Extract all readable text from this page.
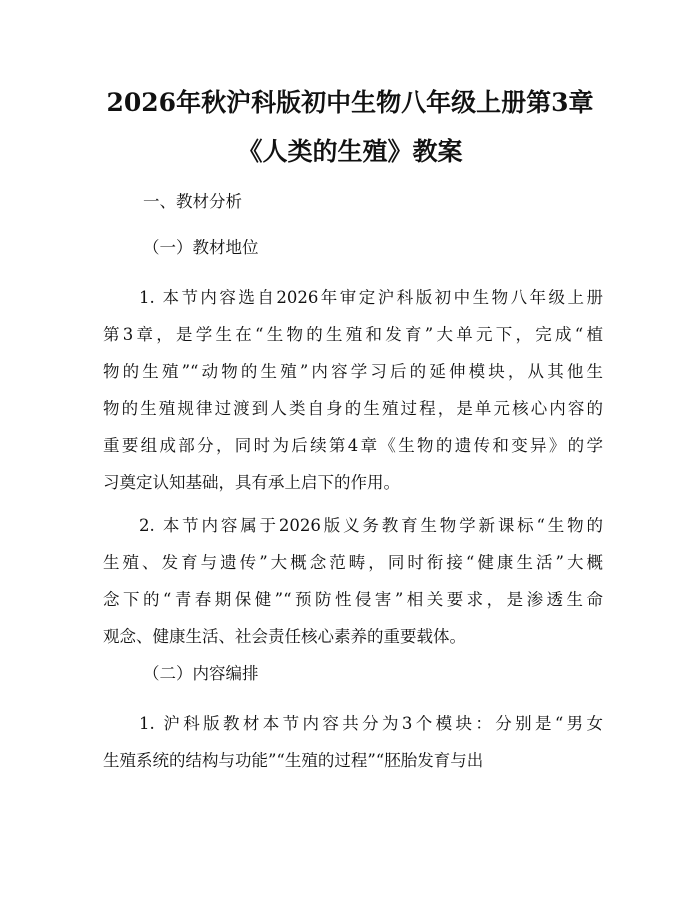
2026年秋沪科版初中生物八年级上册第3章
《人类的生殖》教案

一、教材分析

（一）教材地位

1. 本节内容选自2026年审定沪科版初中生物八年级上册

第3章，是学生在“生物的生殖和发育”大单元下，完成“植

物的生殖”“动物的生殖”内容学习后的延伸模块，从其他生

物的生殖规律过渡到人类自身的生殖过程，是单元核心内容的

重要组成部分，同时为后续第4章《生物的遗传和变异》的学

习奠定认知基础，具有承上启下的作用。

2. 本节内容属于2026版义务教育生物学新课标“生物的

生殖、发育与遗传”大概念范畴，同时衔接“健康生活”大概

念下的“青春期保健”“预防性侵害”相关要求，是渗透生命

观念、健康生活、社会责任核心素养的重要载体。

（二）内容编排

1. 沪科版教材本节内容共分为3个模块：分别是“男女

生殖系统的结构与功能”“生殖的过程”“胚胎发育与出
